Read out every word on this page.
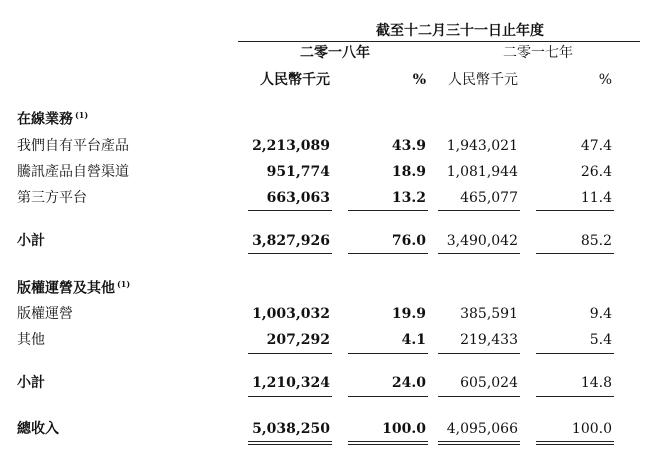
截至十二月三十一日止年度
二零一八年	二零一七年
人民幣千元	%	人民幣千元	%
在線業務 $^{(1)}$
我們自有平台產品	2,213,089	43.9	1,943,021	47.4
騰訊產品自營渠道	951,774	18.9	1,081,944	26.4
第三方平台	663,063	13.2	465,077	11.4
小計	3,827,926	76.0	3,490,042	85.2
版權運營及其他 $^{(1)}$
版權運營	1,003,032	19.9	385,591	9.4
其他	207,292	4.1	219,433	5.4
小計	1,210,324	24.0	605,024	14.8
總收入	5,038,250	100.0	4,095,066	100.0
